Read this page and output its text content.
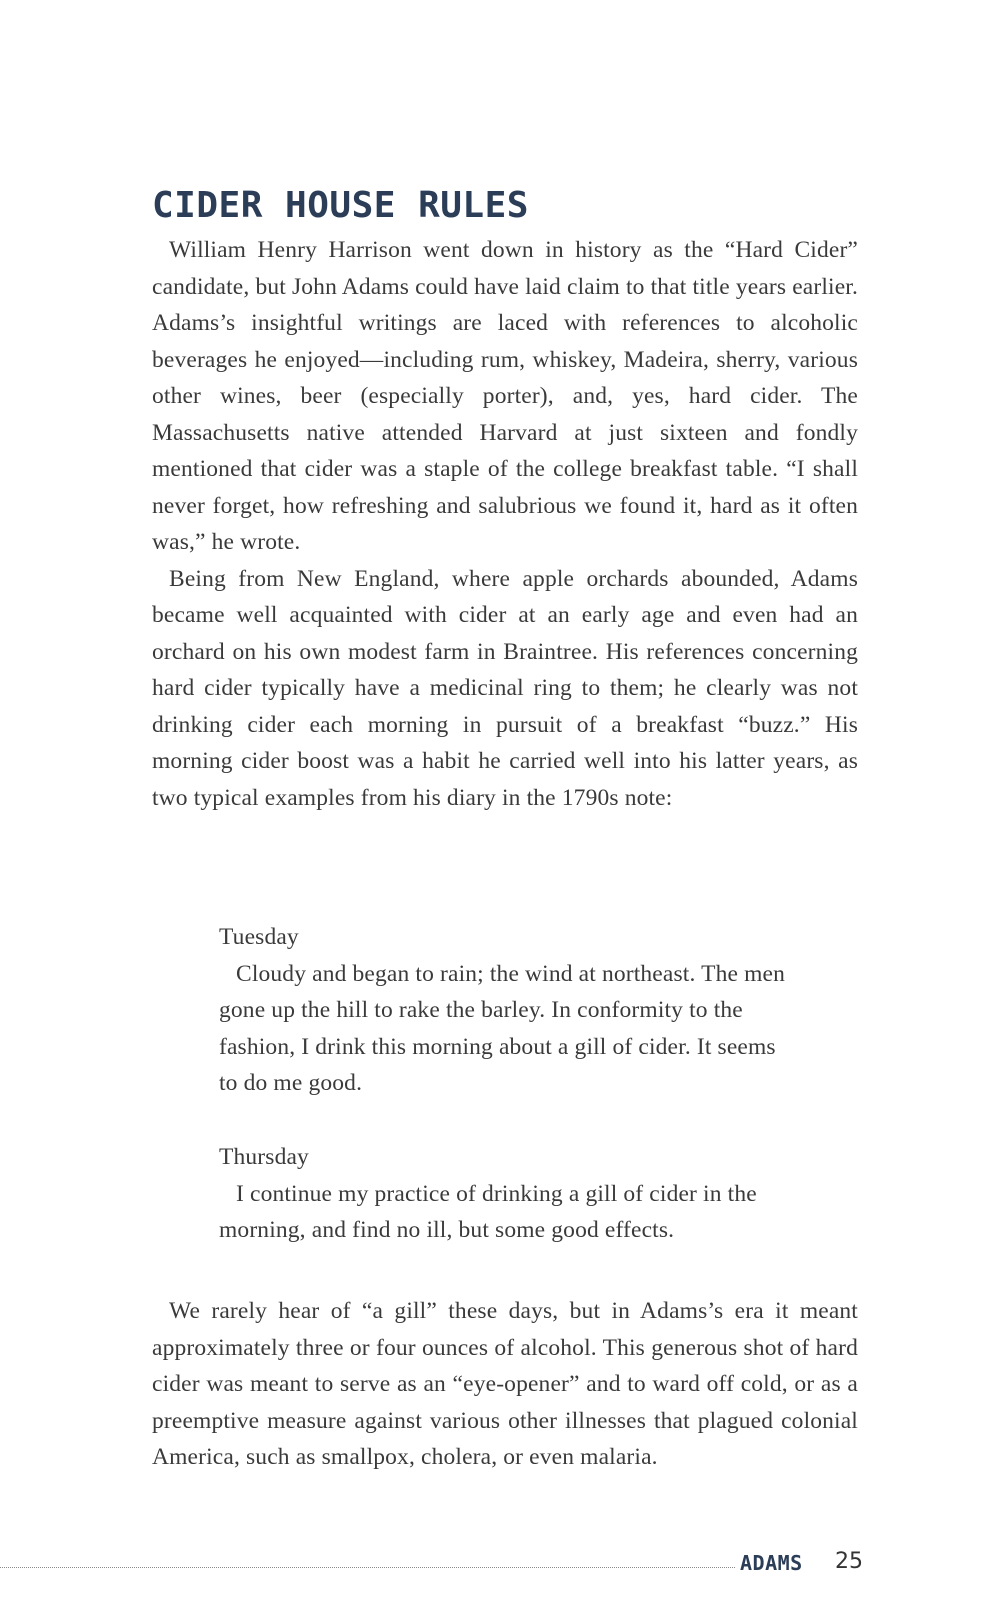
CIDER HOUSE RULES

William Henry Harrison went down in history as the “Hard Cider” candidate, but John Adams could have laid claim to that title years earlier. Adams’s insightful writings are laced with references to alcoholic beverages he enjoyed—including rum, whiskey, Madeira, sherry, various other wines, beer (especially porter), and, yes, hard cider. The Massachusetts native attended Harvard at just sixteen and fondly mentioned that cider was a staple of the college breakfast table. “I shall never forget, how refreshing and salubrious we found it, hard as it often was,” he wrote.

Being from New England, where apple orchards abounded, Adams became well acquainted with cider at an early age and even had an orchard on his own modest farm in Braintree. His references concerning hard cider typically have a medicinal ring to them; he clearly was not drinking cider each morning in pursuit of a breakfast “buzz.” His morning cider boost was a habit he carried well into his latter years, as two typical examples from his diary in the 1790s note:

Tuesday

Cloudy and began to rain; the wind at northeast. The men gone up the hill to rake the barley. In conformity to the fashion, I drink this morning about a gill of cider. It seems to do me good.

Thursday

I continue my practice of drinking a gill of cider in the morning, and find no ill, but some good effects.

We rarely hear of “a gill” these days, but in Adams’s era it meant approximately three or four ounces of alcohol. This generous shot of hard cider was meant to serve as an “eye-opener” and to ward off cold, or as a preemptive measure against various other illnesses that plagued colonial America, such as smallpox, cholera, or even malaria.

ADAMS 25
